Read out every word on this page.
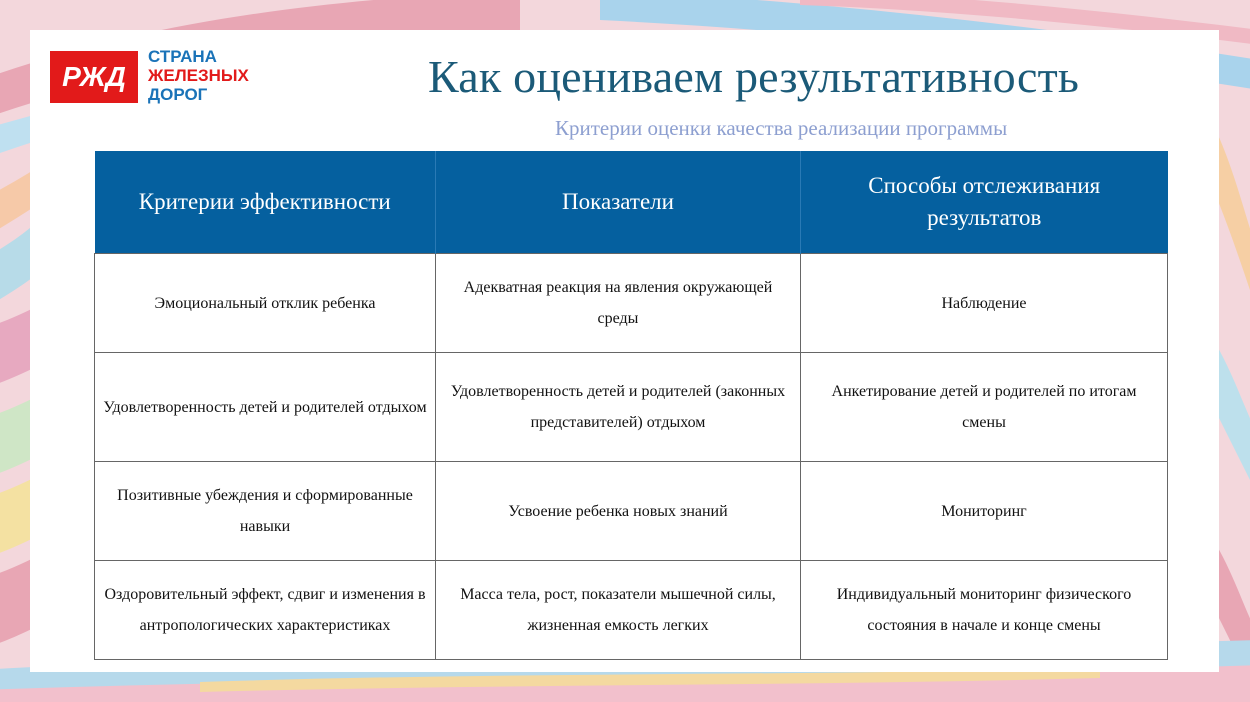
РЖД
СТРАНА
ЖЕЛЕЗНЫХ
ДОРОГ	Как оцениваем результативность
Критерии оценки качества реализации программы
Критерии эффективности	Показатели	Способы отслеживания результатов
Эмоциональный отклик ребенка	Адекватная реакция на явления окружающей среды	Наблюдение
Удовлетворенность детей и родителей отдыхом	Удовлетворенность детей и родителей (законных представителей) отдыхом	Анкетирование детей и родителей по итогам смены
Позитивные убеждения и сформированные навыки	Усвоение ребенка новых знаний	Мониторинг
Оздоровительный эффект, сдвиг и изменения в антропологических характеристиках	Масса тела, рост, показатели мышечной силы, жизненная емкость легких	Индивидуальный мониторинг физического состояния в начале и конце смены
